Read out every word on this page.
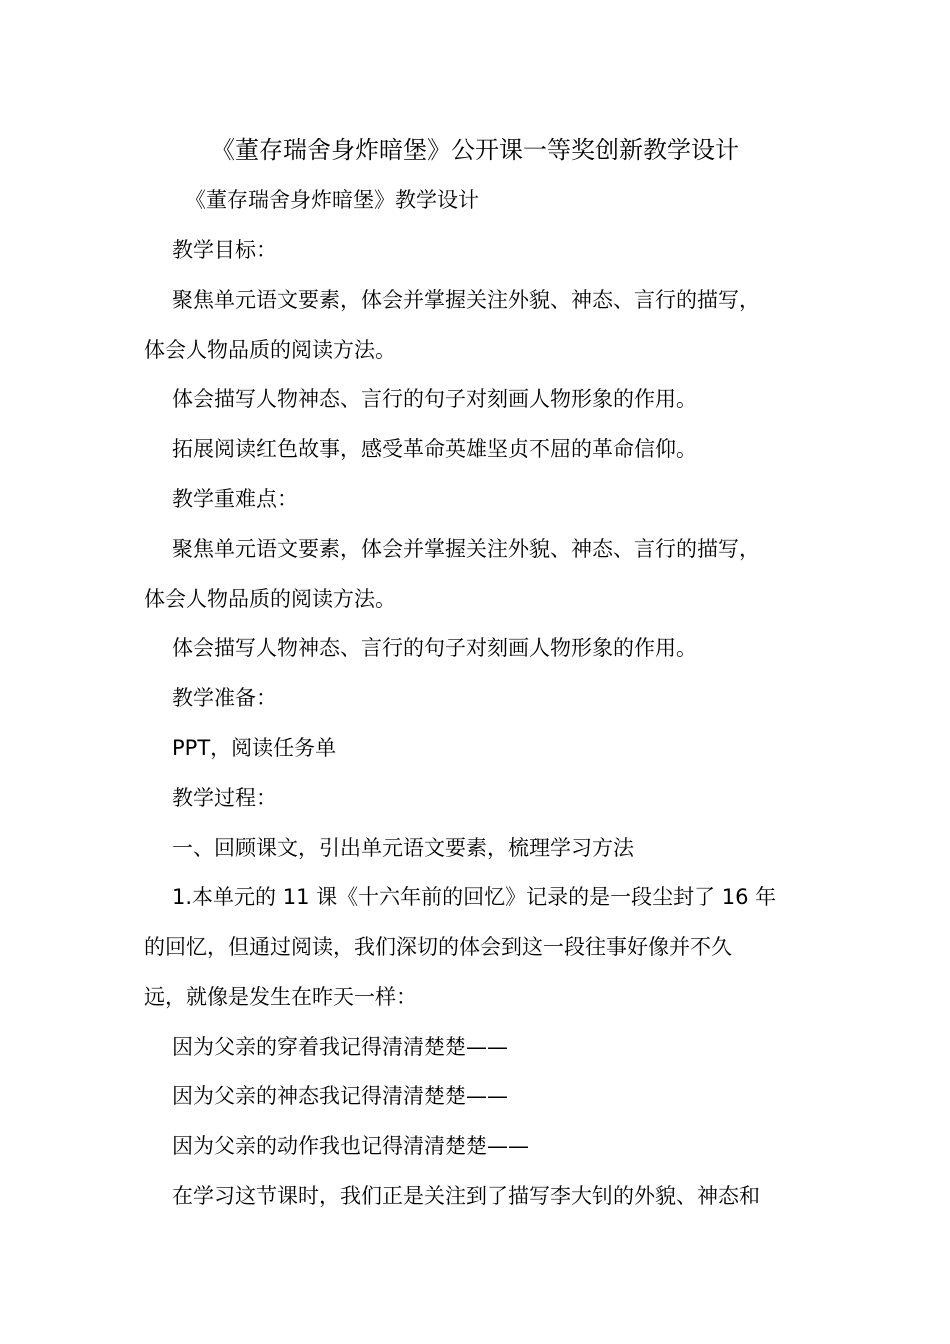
《董存瑞舍身炸暗堡》公开课一等奖创新教学设计
《董存瑞舍身炸暗堡》教学设计
教学目标：
聚焦单元语文要素，体会并掌握关注外貌、神态、言行的描写，
体会人物品质的阅读方法。
体会描写人物神态、言行的句子对刻画人物形象的作用。
拓展阅读红色故事，感受革命英雄坚贞不屈的革命信仰。
教学重难点：
聚焦单元语文要素，体会并掌握关注外貌、神态、言行的描写，
体会人物品质的阅读方法。
体会描写人物神态、言行的句子对刻画人物形象的作用。
教学准备：
PPT，阅读任务单
教学过程：
一、回顾课文，引出单元语文要素，梳理学习方法
1.本单元的 11 课《十六年前的回忆》记录的是一段尘封了 16 年
的回忆，但通过阅读，我们深切的体会到这一段往事好像并不久
远，就像是发生在昨天一样：
因为父亲的穿着我记得清清楚楚——
因为父亲的神态我记得清清楚楚——
因为父亲的动作我也记得清清楚楚——
在学习这节课时，我们正是关注到了描写李大钊的外貌、神态和
